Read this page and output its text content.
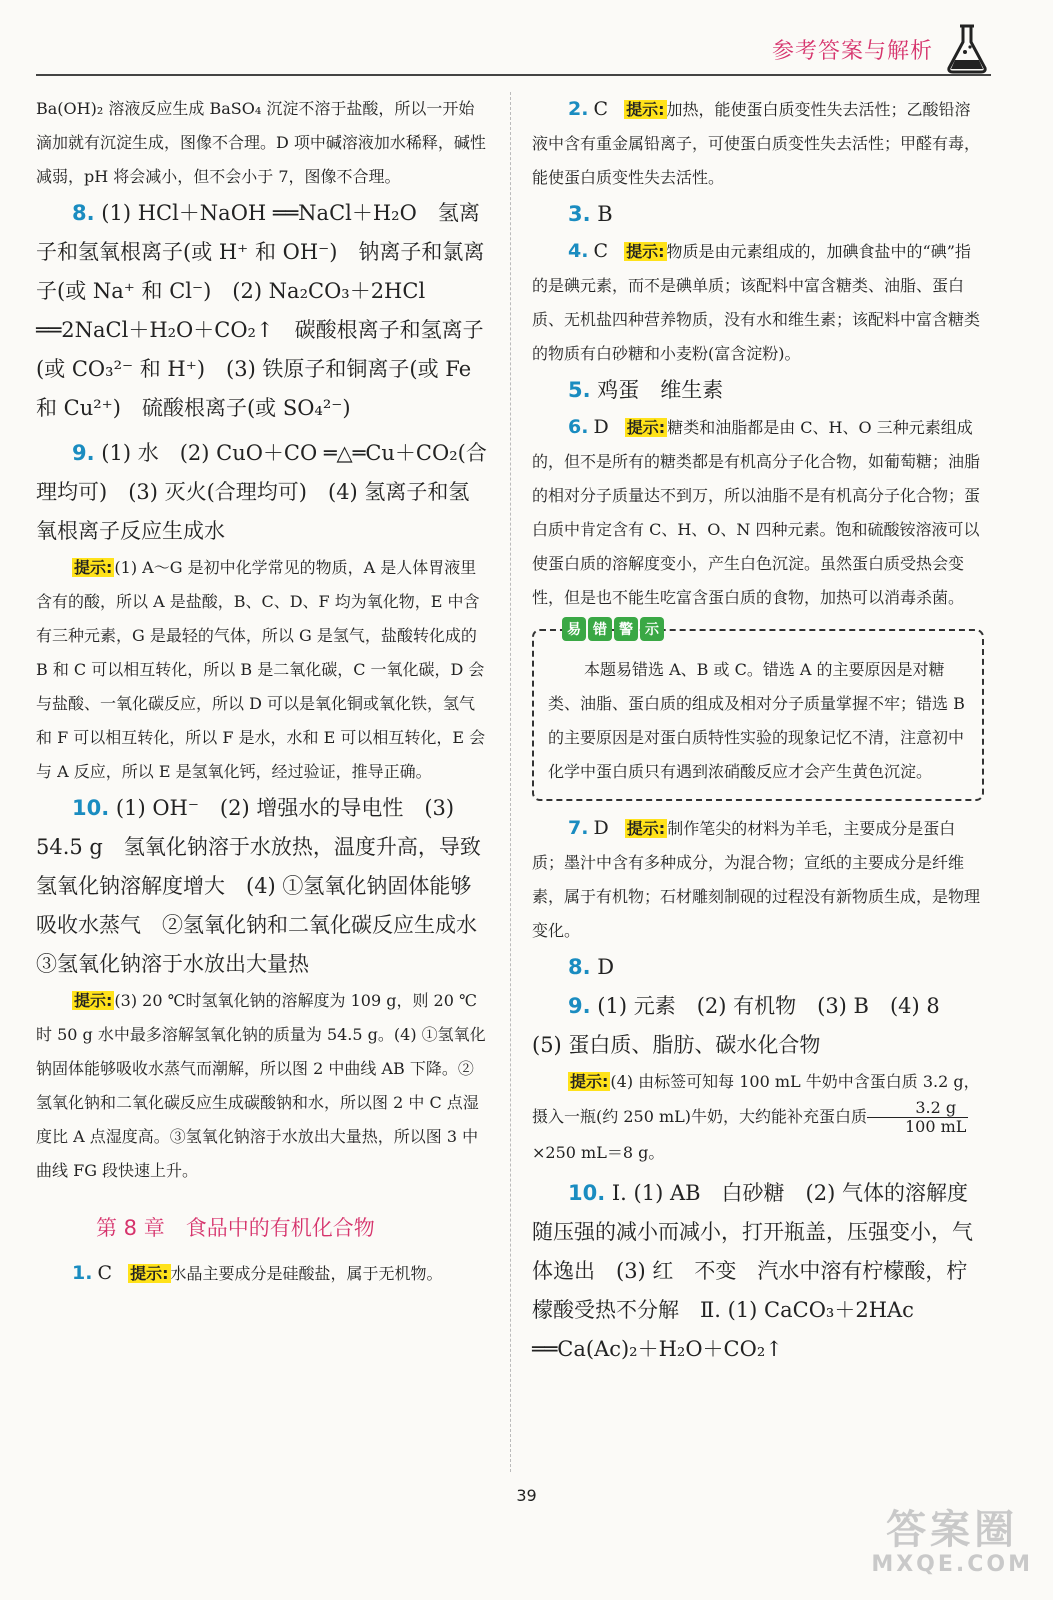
参考答案与解析

Ba(OH)₂ 溶液反应生成 BaSO₄ 沉淀不溶于盐酸，所以一开始滴加就有沉淀生成，图像不合理。D 项中碱溶液加水稀释，碱性减弱，pH 将会减小，但不会小于 7，图像不合理。

8. (1) HCl＋NaOH ══NaCl＋H₂O　氢离子和氢氧根离子(或 H⁺ 和 OH⁻)　钠离子和氯离子(或 Na⁺ 和 Cl⁻)　(2) Na₂CO₃＋2HCl ══2NaCl＋H₂O＋CO₂↑　碳酸根离子和氢离子(或 CO₃²⁻ 和 H⁺)　(3) 铁原子和铜离子(或 Fe 和 Cu²⁺)　硫酸根离子(或 SO₄²⁻)

9. (1) 水　(2) CuO＋CO ═△═Cu＋CO₂(合理均可)　(3) 灭火(合理均可)　(4) 氢离子和氢氧根离子反应生成水

提示: (1) A～G 是初中化学常见的物质，A 是人体胃液里含有的酸，所以 A 是盐酸，B、C、D、F 均为氧化物，E 中含有三种元素，G 是最轻的气体，所以 G 是氢气，盐酸转化成的 B 和 C 可以相互转化，所以 B 是二氧化碳，C 一氧化碳，D 会与盐酸、一氧化碳反应，所以 D 可以是氧化铜或氧化铁，氢气和 F 可以相互转化，所以 F 是水，水和 E 可以相互转化，E 会与 A 反应，所以 E 是氢氧化钙，经过验证，推导正确。

10. (1) OH⁻　(2) 增强水的导电性　(3) 54.5 g　氢氧化钠溶于水放热，温度升高，导致氢氧化钠溶解度增大　(4) ①氢氧化钠固体能够吸收水蒸气　②氢氧化钠和二氧化碳反应生成水　③氢氧化钠溶于水放出大量热

提示: (3) 20 ℃时氢氧化钠的溶解度为 109 g，则 20 ℃时 50 g 水中最多溶解氢氧化钠的质量为 54.5 g。(4) ①氢氧化钠固体能够吸收水蒸气而潮解，所以图 2 中曲线 AB 下降。②氢氧化钠和二氧化碳反应生成碳酸钠和水，所以图 2 中 C 点湿度比 A 点湿度高。③氢氧化钠溶于水放出大量热，所以图 3 中曲线 FG 段快速上升。

第 8 章　食品中的有机化合物

1. C　 提示: 水晶主要成分是硅酸盐，属于无机物。

2. C　 提示: 加热，能使蛋白质变性失去活性；乙酸铅溶液中含有重金属铅离子，可使蛋白质变性失去活性；甲醛有毒，能使蛋白质变性失去活性。

3. B

4. C　 提示: 物质是由元素组成的，加碘食盐中的“碘”指的是碘元素，而不是碘单质；该配料中富含糖类、油脂、蛋白质、无机盐四种营养物质，没有水和维生素；该配料中富含糖类的物质有白砂糖和小麦粉(富含淀粉)。

5. 鸡蛋　维生素

6. D　 提示: 糖类和油脂都是由 C、H、O 三种元素组成的，但不是所有的糖类都是有机高分子化合物，如葡萄糖；油脂的相对分子质量达不到万，所以油脂不是有机高分子化合物；蛋白质中肯定含有 C、H、O、N 四种元素。饱和硫酸铵溶液可以使蛋白质的溶解度变小，产生白色沉淀。虽然蛋白质受热会变性，但是也不能生吃富含蛋白质的食物，加热可以消毒杀菌。

易 错 警 示

本题易错选 A、B 或 C。错选 A 的主要原因是对糖类、油脂、蛋白质的组成及相对分子质量掌握不牢；错选 B 的主要原因是对蛋白质特性实验的现象记忆不清，注意初中化学中蛋白质只有遇到浓硝酸反应才会产生黄色沉淀。

7. D　 提示: 制作笔尖的材料为羊毛，主要成分是蛋白质；墨汁中含有多种成分，为混合物；宣纸的主要成分是纤维素，属于有机物；石材雕刻制砚的过程没有新物质生成，是物理变化。

8. D

9. (1) 元素　(2) 有机物　(3) B　(4) 8　(5) 蛋白质、脂肪、碳水化合物

提示: (4) 由标签可知每 100 mL 牛奶中含蛋白质 3.2 g，摄入一瓶(约 250 mL)牛奶，大约能补充蛋白质 $\frac{3.2 g}{100 mL}$
×250 mL＝8 g。

10. Ⅰ. (1) AB　白砂糖　(2) 气体的溶解度随压强的减小而减小，打开瓶盖，压强变小，气体逸出　(3) 红　不变　汽水中溶有柠檬酸，柠檬酸受热不分解　Ⅱ. (1) CaCO₃＋2HAc ══Ca(Ac)₂＋H₂O＋CO₂↑

39
答案圈
MXQE.COM
